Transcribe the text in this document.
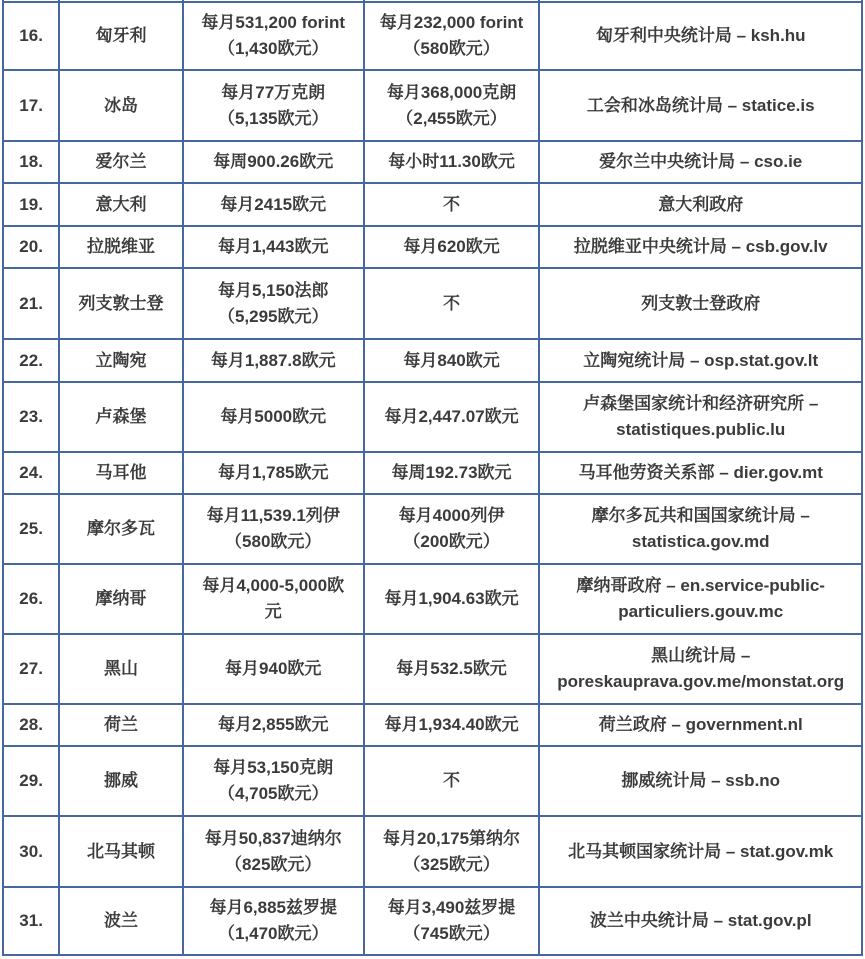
16.	匈牙利	每月531,200 forint
（1,430欧元）	每月232,000 forint
（580欧元）	匈牙利中央统计局 – ksh.hu

17.	冰岛	每月77万克朗
（5,135欧元）	每月368,000克朗
（2,455欧元）	工会和冰岛统计局 – statice.is

18.	爱尔兰	每周900.26欧元	每小时11.30欧元	爱尔兰中央统计局 – cso.ie

19.	意大利	每月2415欧元	不	意大利政府

20.	拉脱维亚	每月1,443欧元	每月620欧元	拉脱维亚中央统计局 – csb.gov.lv

21.	列支敦士登	每月5,150法郎
（5,295欧元）	不	列支敦士登政府

22.	立陶宛	每月1,887.8欧元	每月840欧元	立陶宛统计局 – osp.stat.gov.lt

23.	卢森堡	每月5000欧元	每月2,447.07欧元	卢森堡国家统计和经济研究所 –
statistiques.public.lu

24.	马耳他	每月1,785欧元	每周192.73欧元	马耳他劳资关系部 – dier.gov.mt

25.	摩尔多瓦	每月11,539.1列伊
（580欧元）	每月4000列伊
（200欧元）	摩尔多瓦共和国国家统计局 –
statistica.gov.md

26.	摩纳哥	每月4,000-5,000欧
元	每月1,904.63欧元	摩纳哥政府 – en.service-public-
particuliers.gouv.mc

27.	黑山	每月940欧元	每月532.5欧元	黑山统计局 –
poreskauprava.gov.me/monstat.org

28.	荷兰	每月2,855欧元	每月1,934.40欧元	荷兰政府 – government.nl

29.	挪威	每月53,150克朗
（4,705欧元）	不	挪威统计局 – ssb.no

30.	北马其顿	每月50,837迪纳尔
（825欧元）	每月20,175第纳尔
（325欧元）	北马其顿国家统计局 – stat.gov.mk

31.	波兰	每月6,885兹罗提
（1,470欧元）	每月3,490兹罗提
（745欧元）	波兰中央统计局 – stat.gov.pl
